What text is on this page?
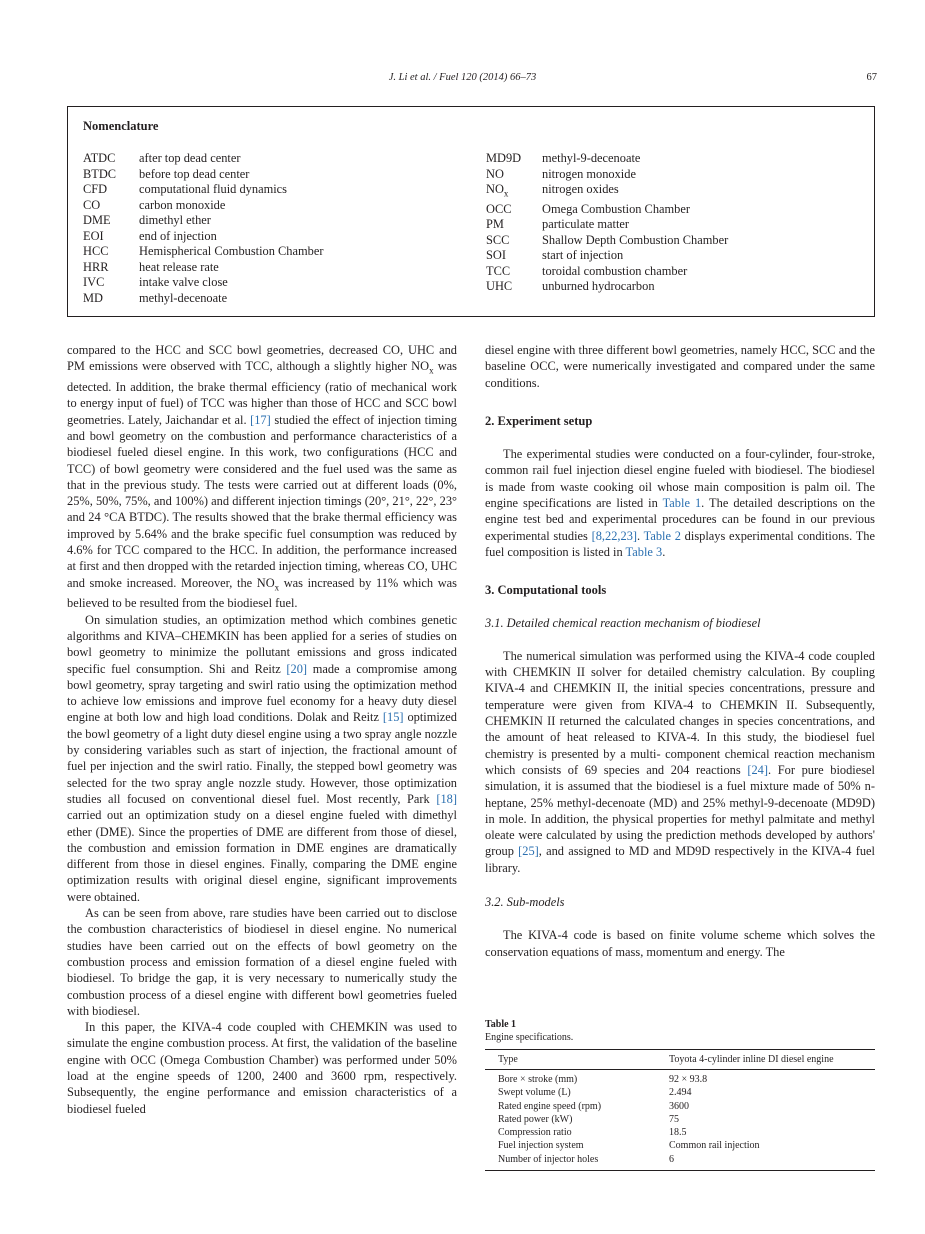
J. Li et al. / Fuel 120 (2014) 66–73	67
Nomenclature
ATDC	after top dead center
BTDC	before top dead center
CFD	computational fluid dynamics
CO	carbon monoxide
DME	dimethyl ether
EOI	end of injection
HCC	Hemispherical Combustion Chamber
HRR	heat release rate
IVC	intake valve close
MD	methyl-decenoate
MD9D	methyl-9-decenoate
NO	nitrogen monoxide
$NO_x$	nitrogen oxides
OCC	Omega Combustion Chamber
PM	particulate matter
SCC	Shallow Depth Combustion Chamber
SOI	start of injection
TCC	toroidal combustion chamber
UHC	unburned hydrocarbon

compared to the HCC and SCC bowl geometries, decreased CO, UHC and PM emissions were observed with TCC, although a slightly higher $NO_x$ was detected. In addition, the brake thermal efficiency (ratio of mechanical work to energy input of fuel) of TCC was higher than those of HCC and SCC bowl geometries. Lately, Jaichandar et al. [17] studied the effect of injection timing and bowl geometry on the combustion and performance characteristics of a biodiesel fueled diesel engine. In this work, two configurations (HCC and TCC) of bowl geometry were considered and the fuel used was the same as that in the previous study. The tests were carried out at different loads (0%, 25%, 50%, 75%, and 100%) and different injection timings (20°, 21°, 22°, 23° and 24 °CA BTDC). The results showed that the brake thermal efficiency was improved by 5.64% and the brake specific fuel consumption was reduced by 4.6% for TCC compared to the HCC. In addition, the performance increased at first and then dropped with the retarded injection timing, whereas CO, UHC and smoke increased. Moreover, the $NO_x$ was increased by 11% which was believed to be resulted from the biodiesel fuel.

On simulation studies, an optimization method which combines genetic algorithms and KIVA–CHEMKIN has been applied for a series of studies on bowl geometry to minimize the pollutant emissions and gross indicated specific fuel consumption. Shi and Reitz [20] made a compromise among bowl geometry, spray targeting and swirl ratio using the optimization method to achieve low emissions and improve fuel economy for a heavy duty diesel engine at both low and high load conditions. Dolak and Reitz [15] optimized the bowl geometry of a light duty diesel engine using a two spray angle nozzle by considering variables such as start of injection, the fractional amount of fuel per injection and the swirl ratio. Finally, the stepped bowl geometry was selected for the two spray angle nozzle study. However, those optimization studies all focused on conventional diesel fuel. Most recently, Park [18] carried out an optimization study on a diesel engine fueled with dimethyl ether (DME). Since the properties of DME are different from those of diesel, the combustion and emission formation in DME engines are dramatically different from those in diesel engines. Finally, comparing the DME engine optimization results with original diesel engine, significant improvements were obtained.

As can be seen from above, rare studies have been carried out to disclose the combustion characteristics of biodiesel in diesel engine. No numerical studies have been carried out on the effects of bowl geometry on the combustion process and emission formation of a diesel engine fueled with biodiesel. To bridge the gap, it is very necessary to numerically study the combustion process of a diesel engine with different bowl geometries fueled with biodiesel.

In this paper, the KIVA-4 code coupled with CHEMKIN was used to simulate the engine combustion process. At first, the validation of the baseline engine with OCC (Omega Combustion Chamber) was performed under 50% load at the engine speeds of 1200, 2400 and 3600 rpm, respectively. Subsequently, the engine performance and emission characteristics of a biodiesel fueled

diesel engine with three different bowl geometries, namely HCC, SCC and the baseline OCC, were numerically investigated and compared under the same conditions.

2. Experiment setup

The experimental studies were conducted on a four-cylinder, four-stroke, common rail fuel injection diesel engine fueled with biodiesel. The biodiesel is made from waste cooking oil whose main composition is palm oil. The engine specifications are listed in Table 1. The detailed descriptions on the engine test bed and experimental procedures can be found in our previous experimental studies [8,22,23]. Table 2 displays experimental conditions. The fuel composition is listed in Table 3.

3. Computational tools
3.1. Detailed chemical reaction mechanism of biodiesel

The numerical simulation was performed using the KIVA-4 code coupled with CHEMKIN II solver for detailed chemistry calculation. By coupling KIVA-4 and CHEMKIN II, the initial species concentrations, pressure and temperature were given from KIVA-4 to CHEMKIN II. Subsequently, CHEMKIN II returned the calculated changes in species concentrations, and the amount of heat released to KIVA-4. In this study, the biodiesel fuel chemistry is presented by a multi- component chemical reaction mechanism which consists of 69 species and 204 reactions [24]. For pure biodiesel simulation, it is assumed that the biodiesel is a fuel mixture made of 50% n-heptane, 25% methyl-decenoate (MD) and 25% methyl-9-decenoate (MD9D) in mole. In addition, the physical properties for methyl palmitate and methyl oleate were calculated by using the prediction methods developed by authors' group [25], and assigned to MD and MD9D respectively in the KIVA-4 fuel library.

3.2. Sub-models

The KIVA-4 code is based on finite volume scheme which solves the conservation equations of mass, momentum and energy. The

Table 1
Engine specifications.
Type	Toyota 4-cylinder inline DI diesel engine
Bore × stroke (mm)	92 × 93.8
Swept volume (L)	2.494
Rated engine speed (rpm)	3600
Rated power (kW)	75
Compression ratio	18.5
Fuel injection system	Common rail injection
Number of injector holes	6
